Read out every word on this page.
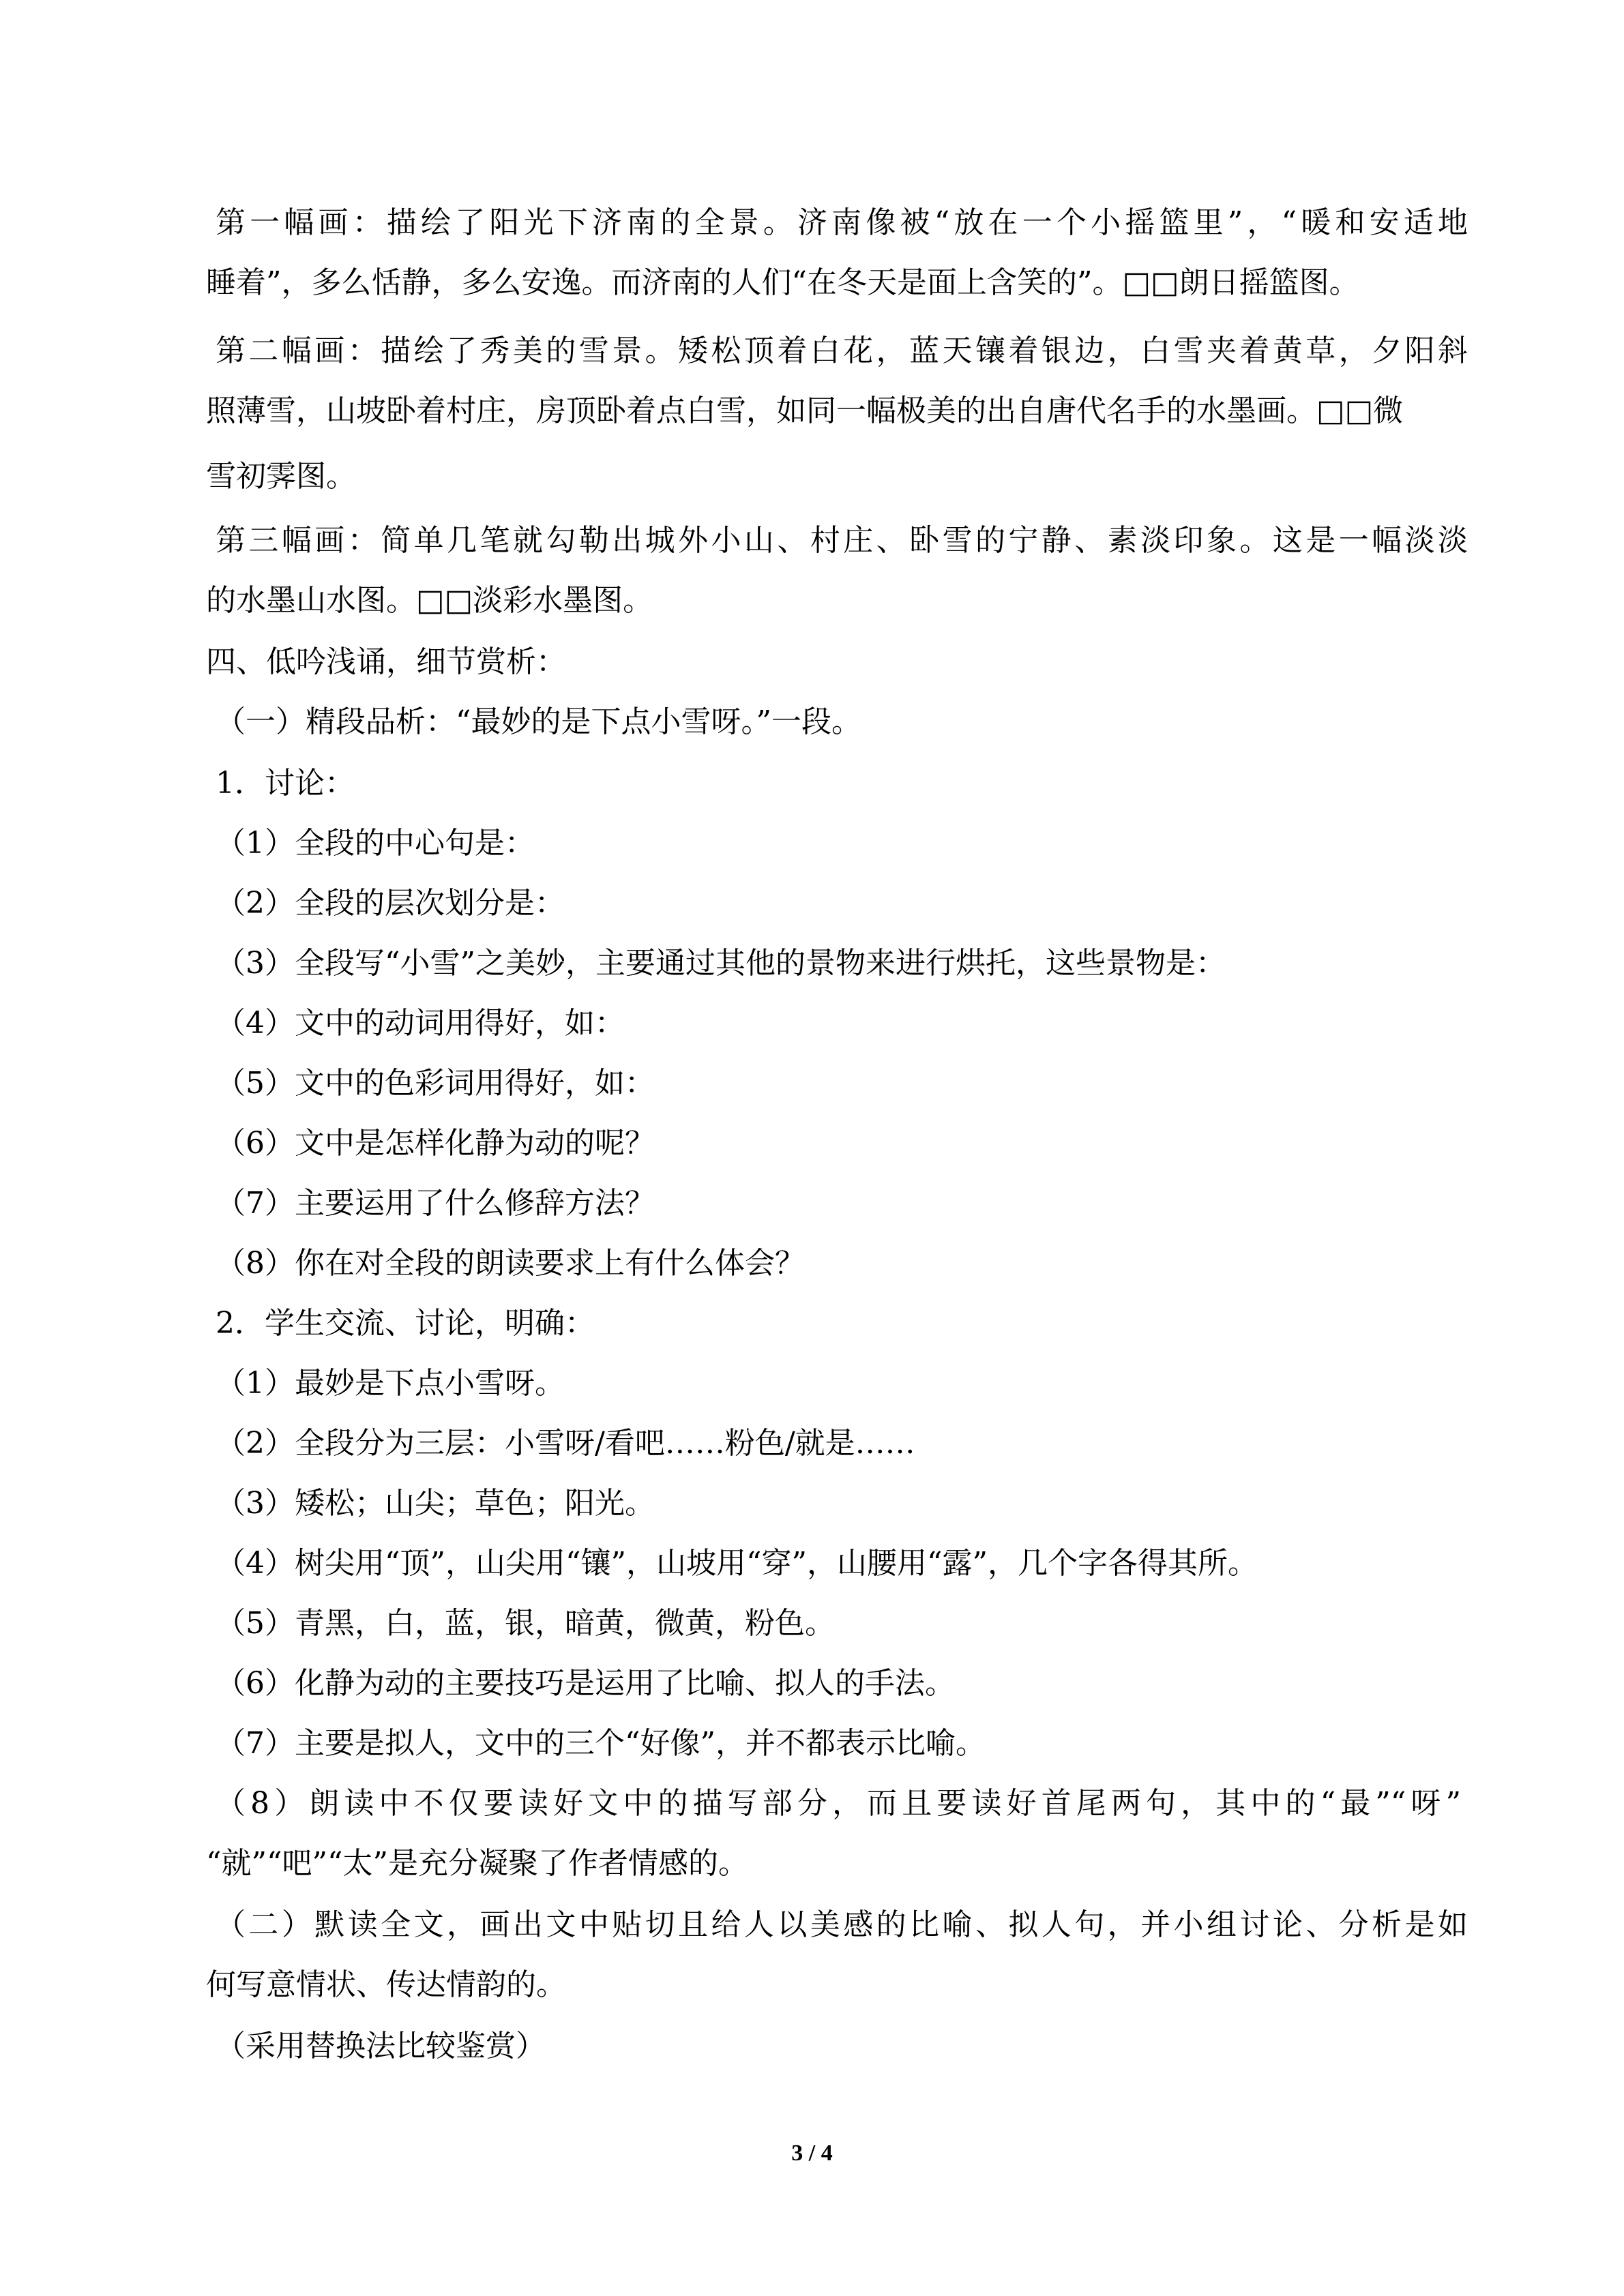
第一幅画：描绘了阳光下济南的全景。济南像被“放在一个小摇篮里”，“暖和安适地
睡着”，多么恬静，多么安逸。而济南的人们“在冬天是面上含笑的”。□□朗日摇篮图。
第二幅画：描绘了秀美的雪景。矮松顶着白花，蓝天镶着银边，白雪夹着黄草，夕阳斜
照薄雪，山坡卧着村庄，房顶卧着点白雪，如同一幅极美的出自唐代名手的水墨画。□□微
雪初霁图。
第三幅画：简单几笔就勾勒出城外小山、村庄、卧雪的宁静、素淡印象。这是一幅淡淡
的水墨山水图。□□淡彩水墨图。
四、低吟浅诵，细节赏析：
（一）精段品析：“最妙的是下点小雪呀。”一段。
1．讨论：
（1）全段的中心句是：
（2）全段的层次划分是：
（3）全段写“小雪”之美妙，主要通过其他的景物来进行烘托，这些景物是：
（4）文中的动词用得好，如：
（5）文中的色彩词用得好，如：
（6）文中是怎样化静为动的呢？
（7）主要运用了什么修辞方法？
（8）你在对全段的朗读要求上有什么体会？
2．学生交流、讨论，明确：
（1）最妙是下点小雪呀。
（2）全段分为三层：小雪呀/看吧……粉色/就是……
（3）矮松；山尖；草色；阳光。
（4）树尖用“顶”，山尖用“镶”，山坡用“穿”，山腰用“露”，几个字各得其所。
（5）青黑，白，蓝，银，暗黄，微黄，粉色。
（6）化静为动的主要技巧是运用了比喻、拟人的手法。
（7）主要是拟人，文中的三个“好像”，并不都表示比喻。
（8）朗读中不仅要读好文中的描写部分，而且要读好首尾两句，其中的“最”“呀”
“就”“吧”“太”是充分凝聚了作者情感的。
（二）默读全文，画出文中贴切且给人以美感的比喻、拟人句，并小组讨论、分析是如
何写意情状、传达情韵的。
（采用替换法比较鉴赏）
3 / 4
